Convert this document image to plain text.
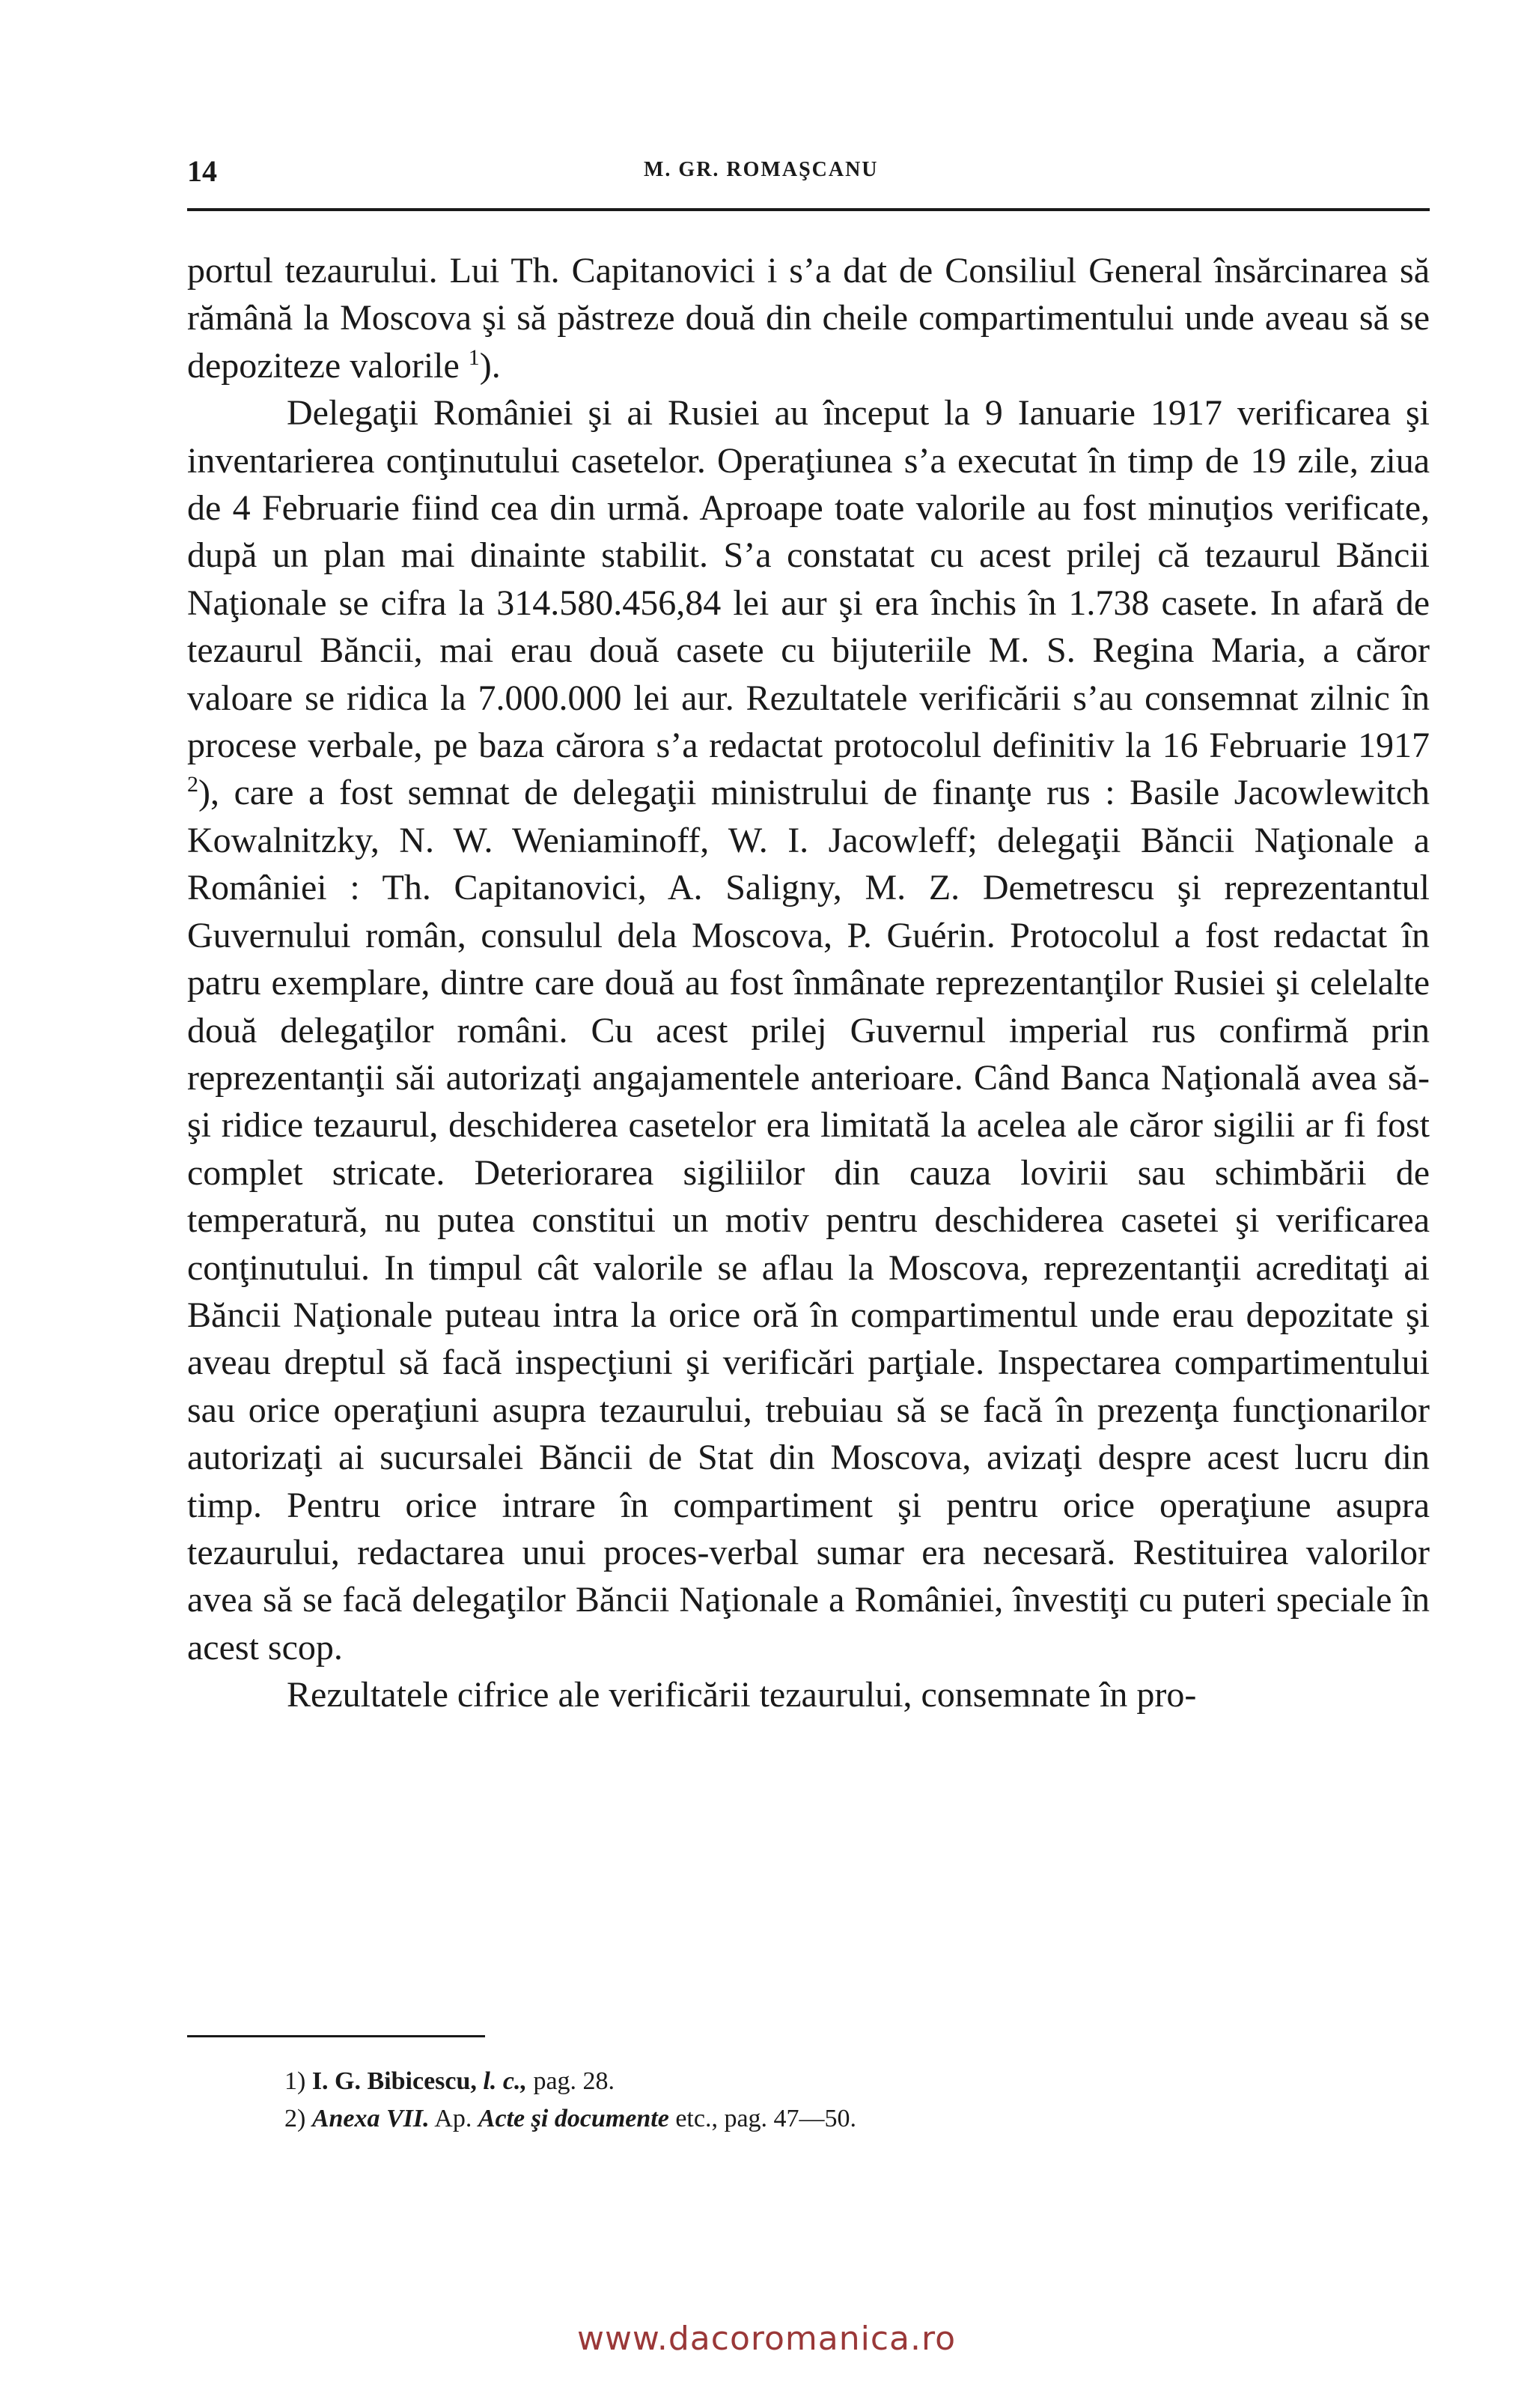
14	M. GR. ROMAŞCANU

portul tezaurului. Lui Th. Capitanovici i s’a dat de Consiliul General însărcinarea să rămână la Moscova şi să păstreze două din cheile compartimentului unde aveau să se depoziteze valorile $^1$).

Delegaţii României şi ai Rusiei au început la 9 Ianuarie 1917 verificarea şi inventarierea conţinutului casetelor. Operaţiunea s’a executat în timp de 19 zile, ziua de 4 Februarie fiind cea din urmă. Aproape toate valorile au fost minuţios verificate, după un plan mai dinainte stabilit. S’a constatat cu acest prilej că tezaurul Băncii Naţionale se cifra la 314.580.456,84 lei aur şi era închis în 1.738 casete. In afară de tezaurul Băncii, mai erau două casete cu bijuteriile M. S. Regina Maria, a căror valoare se ridica la 7.000.000 lei aur. Rezultatele verificării s’au consemnat zilnic în procese verbale, pe baza cărora s’a redactat protocolul definitiv la 16 Februarie 1917 $^2$), care a fost semnat de delegaţii ministrului de finanţe rus : Basile Jacowlewitch Kowalnitzky, N. W. Weniaminoff, W. I. Jacowleff; delegaţii Băncii Naţionale a României : Th. Capitanovici, A. Saligny, M. Z. Demetrescu şi reprezentantul Guvernului român, consulul dela Moscova, P. Guérin. Protocolul a fost redactat în patru exemplare, dintre care două au fost înmânate reprezentanţilor Rusiei şi celelalte două delegaţilor români. Cu acest prilej Guvernul imperial rus confirmă prin reprezentanţii săi autorizaţi angajamentele anterioare. Când Banca Naţională avea să-şi ridice tezaurul, deschiderea casetelor era limitată la acelea ale căror sigilii ar fi fost complet stricate. Deteriorarea sigiliilor din cauza lovirii sau schimbării de temperatură, nu putea constitui un motiv pentru deschiderea casetei şi verificarea conţinutului. In timpul cât valorile se aflau la Moscova, reprezentanţii acreditaţi ai Băncii Naţionale puteau intra la orice oră în compartimentul unde erau depozitate şi aveau dreptul să facă inspecţiuni şi verificări parţiale. Inspectarea compartimentului sau orice operaţiuni asupra tezaurului, trebuiau să se facă în prezenţa funcţionarilor autorizaţi ai sucursalei Băncii de Stat din Moscova, avizaţi despre acest lucru din timp. Pentru orice intrare în compartiment şi pentru orice operaţiune asupra tezaurului, redactarea unui proces-verbal sumar era necesară. Restituirea valorilor avea să se facă delegaţilor Băncii Naţionale a României, învestiţi cu puteri speciale în acest scop.

Rezultatele cifrice ale verificării tezaurului, consemnate în pro-

1) I. G. Bibicescu, l. c., pag. 28.
2) Anexa VII. Ap. Acte şi documente etc., pag. 47—50.
www.dacoromanica.ro
